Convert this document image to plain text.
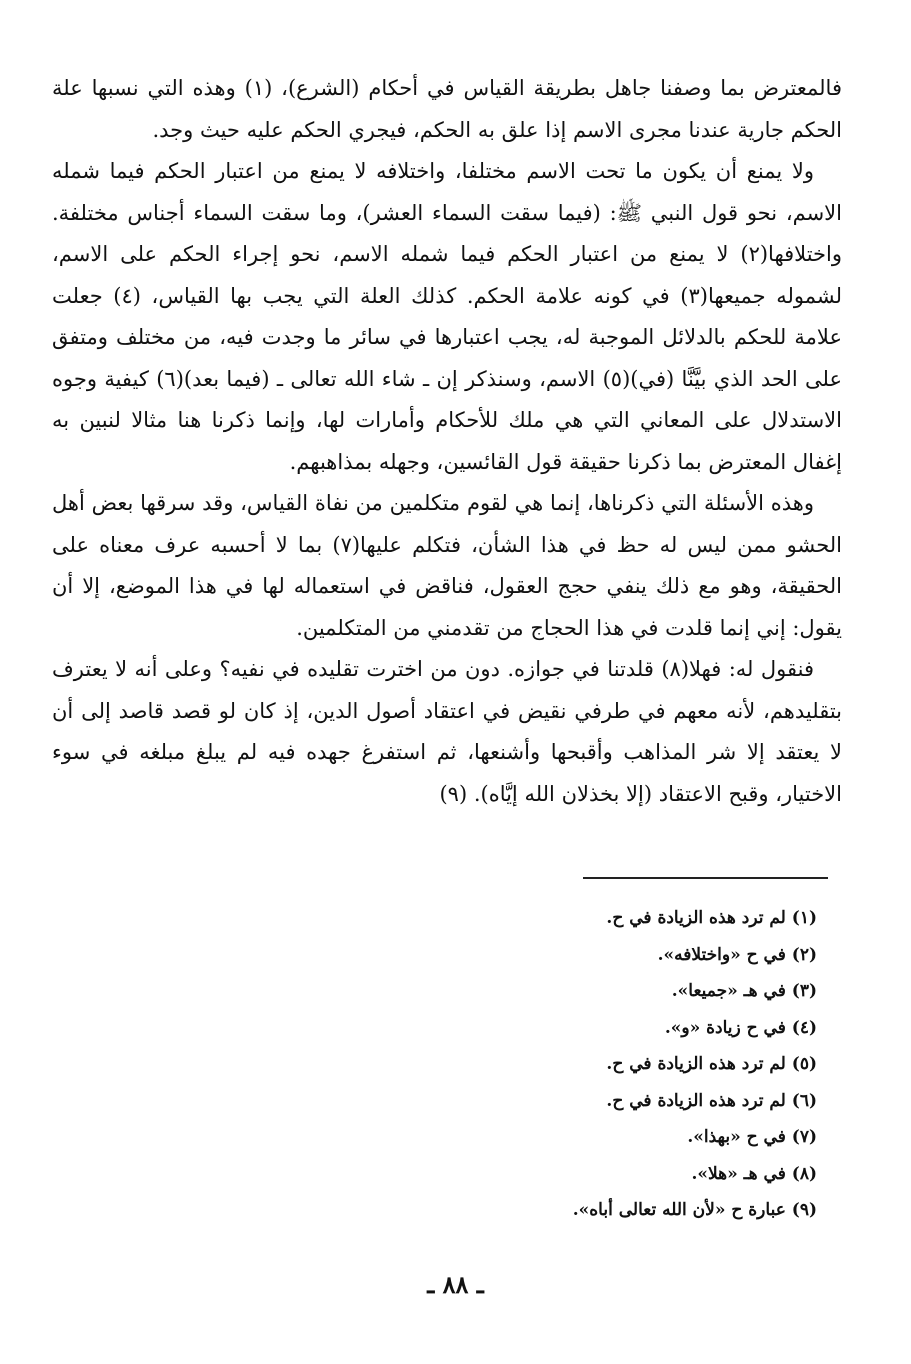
فالمعترض بما وصفنا جاهل بطريقة القياس في أحكام (الشرع)، (١) وهذه التي نسبها علة الحكم جارية عندنا مجرى الاسم إذا علق به الحكم، فيجري الحكم عليه حيث وجد.

ولا يمنع أن يكون ما تحت الاسم مختلفا، واختلافه لا يمنع من اعتبار الحكم فيما شمله الاسم، نحو قول النبي ﷺ: (فيما سقت السماء العشر)، وما سقت السماء أجناس مختلفة. واختلافها(٢) لا يمنع من اعتبار الحكم فيما شمله الاسم، نحو إجراء الحكم على الاسم، لشموله جميعها(٣) في كونه علامة الحكم. كذلك العلة التي يجب بها القياس، (٤) جعلت علامة للحكم بالدلائل الموجبة له، يجب اعتبارها في سائر ما وجدت فيه، من مختلف ومتفق على الحد الذي بيَّنَّا (في)(٥) الاسم، وسنذكر إن ـ شاء الله تعالى ـ (فيما بعد)(٦) كيفية وجوه الاستدلال على المعاني التي هي ملك للأحكام وأمارات لها، وإنما ذكرنا هنا مثالا لنبين به إغفال المعترض بما ذكرنا حقيقة قول القائسين، وجهله بمذاهبهم.

وهذه الأسئلة التي ذكرناها، إنما هي لقوم متكلمين من نفاة القياس، وقد سرقها بعض أهل الحشو ممن ليس له حظ في هذا الشأن، فتكلم عليها(٧) بما لا أحسبه عرف معناه على الحقيقة، وهو مع ذلك ينفي حجج العقول، فناقض في استعماله لها في هذا الموضع، إلا أن يقول: إني إنما قلدت في هذا الحجاج من تقدمني من المتكلمين.

فنقول له: فهلا(٨) قلدتنا في جوازه. دون من اخترت تقليده في نفيه؟ وعلى أنه لا يعترف بتقليدهم، لأنه معهم في طرفي نقيض في اعتقاد أصول الدين، إذ كان لو قصد قاصد إلى أن لا يعتقد إلا شر المذاهب وأقبحها وأشنعها، ثم استفرغ جهده فيه لم يبلغ مبلغه في سوء الاختيار، وقبح الاعتقاد (إلا بخذلان الله إيَّاه). (٩)

(١) لم ترد هذه الزيادة في ح.
(٢) في ح «واختلافه».
(٣) في هـ «جميعا».
(٤) في ح زيادة «و».
(٥) لم ترد هذه الزيادة في ح.
(٦) لم ترد هذه الزيادة في ح.
(٧) في ح «بهذا».
(٨) في هـ «هلا».
(٩) عبارة ح «لأن الله تعالى أباه».
ـ ٨٨ ـ
